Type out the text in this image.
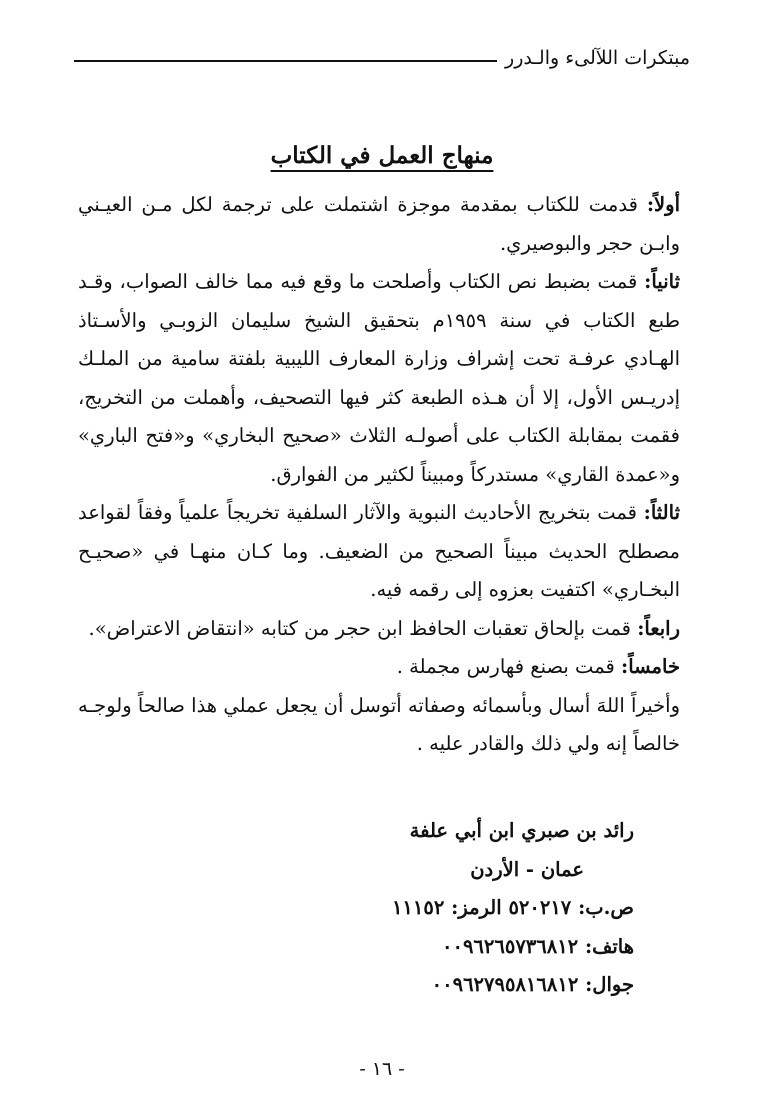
مبتكرات اللآلىء والـدرر
منهاج العمل في الكتاب

أولاً: قدمت للكتاب بمقدمة موجزة اشتملت على ترجمة لكل مـن العيـني وابـن حجر والبوصيري.

ثانياً: قمت بضبط نص الكتاب وأصلحت ما وقع فيه مما خالف الصواب، وقـد طبع الكتاب في سنة ١٩٥٩م بتحقيق الشيخ سليمان الزوبـي والأسـتاذ الهـادي عرفـة تحت إشراف وزارة المعارف الليبية بلفتة سامية من الملـك إدريـس الأول، إلا أن هـذه الطبعة كثر فيها التصحيف، وأهملت من التخريج، فقمت بمقابلة الكتاب على أصولـه الثلاث «صحيح البخاري» و«فتح الباري» و«عمدة القاري» مستدركاً ومبيناً لكثير من الفوارق.

ثالثاً: قمت بتخريج الأحاديث النبوية والآثار السلفية تخريجاً علمياً وفقاً لقواعد مصطلح الحديث مبيناً الصحيح من الضعيف. وما كـان منهـا في «صحيـح البخـاري» اكتفيت بعزوه إلى رقمه فيه.

رابعاً: قمت بإلحاق تعقبات الحافظ ابن حجر من كتابه «انتقاض الاعتراض».

خامساً: قمت بصنع فهارس مجملة .

وأخيراً اللهَ أسال وبأسمائه وصفاته أتوسل أن يجعل عملي هذا صالحاً ولوجـه خالصاً إنه ولي ذلك والقادر عليه .

رائد بن صبري ابن أبي علفة
عمان - الأردن
ص.ب: ٥٢٠٢١٧ الرمز: ١١١٥٢
هاتف: ٠٠٩٦٢٦٥٧٣٦٨١٢
جوال: ٠٠٩٦٢٧٩٥٨١٦٨١٢
- ١٦ -
